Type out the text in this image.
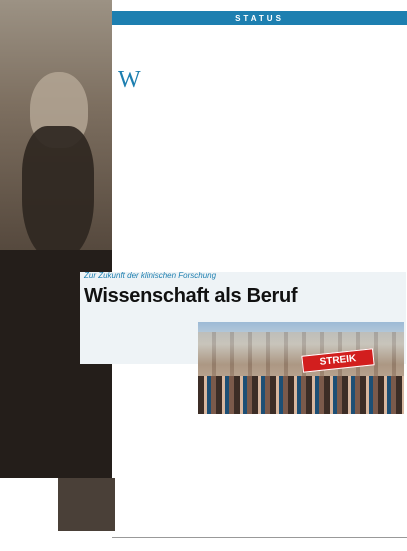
STATUS
W
Zur Zukunft der klinischen Forschung
Wissenschaft als Beruf
STREIK
